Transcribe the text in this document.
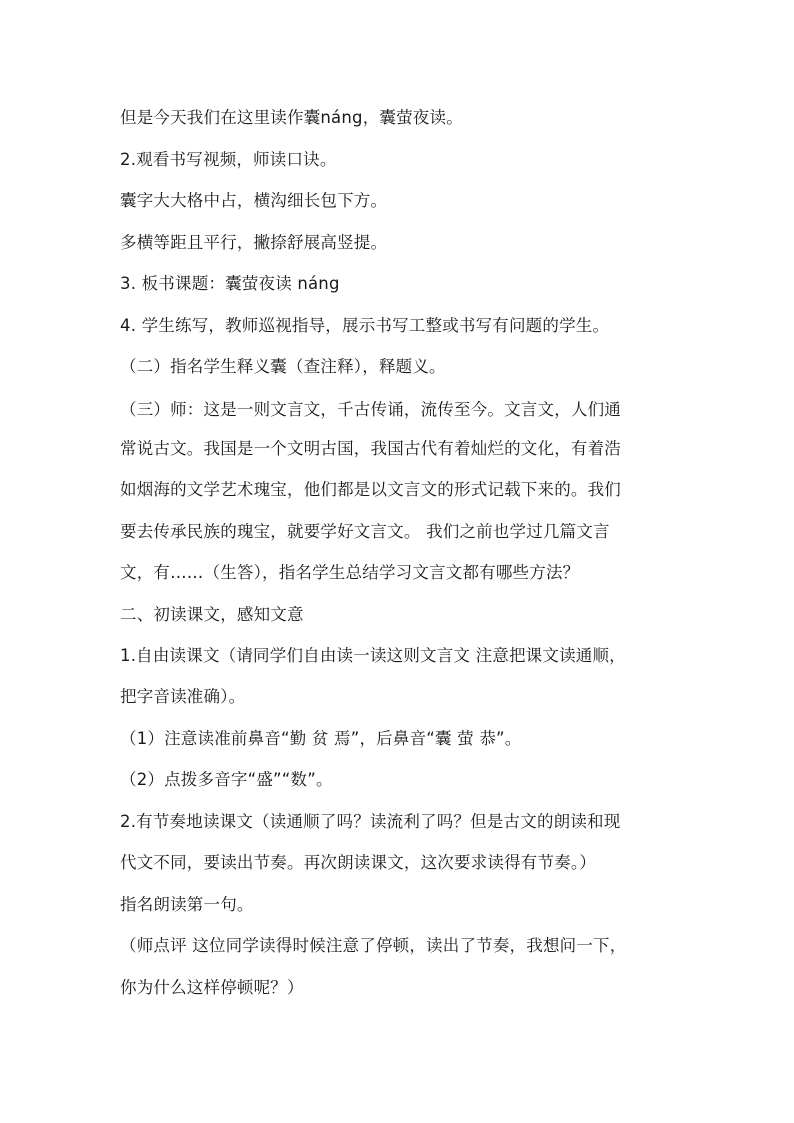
但是今天我们在这里读作囊náng，囊萤夜读。
2.观看书写视频，师读口诀。
囊字大大格中占，横沟细长包下方。
多横等距且平行，撇捺舒展高竖提。
3. 板书课题：囊萤夜读 náng
4. 学生练写，教师巡视指导，展示书写工整或书写有问题的学生。
（二）指名学生释义囊（查注释），释题义。
（三）师：这是一则文言文，千古传诵，流传至今。文言文，人们通
常说古文。我国是一个文明古国，我国古代有着灿烂的文化，有着浩
如烟海的文学艺术瑰宝，他们都是以文言文的形式记载下来的。我们
要去传承民族的瑰宝，就要学好文言文。 我们之前也学过几篇文言
文，有……（生答），指名学生总结学习文言文都有哪些方法？
二、初读课文，感知文意
1.自由读课文（请同学们自由读一读这则文言文 注意把课文读通顺，
把字音读准确）。
（1）注意读准前鼻音“勤 贫 焉”，后鼻音“囊 萤 恭”。
（2）点拨多音字“盛”“数”。
2.有节奏地读课文（读通顺了吗？读流利了吗？但是古文的朗读和现
代文不同，要读出节奏。再次朗读课文，这次要求读得有节奏。）
指名朗读第一句。
（师点评 这位同学读得时候注意了停顿，读出了节奏，我想问一下，
你为什么这样停顿呢？）
